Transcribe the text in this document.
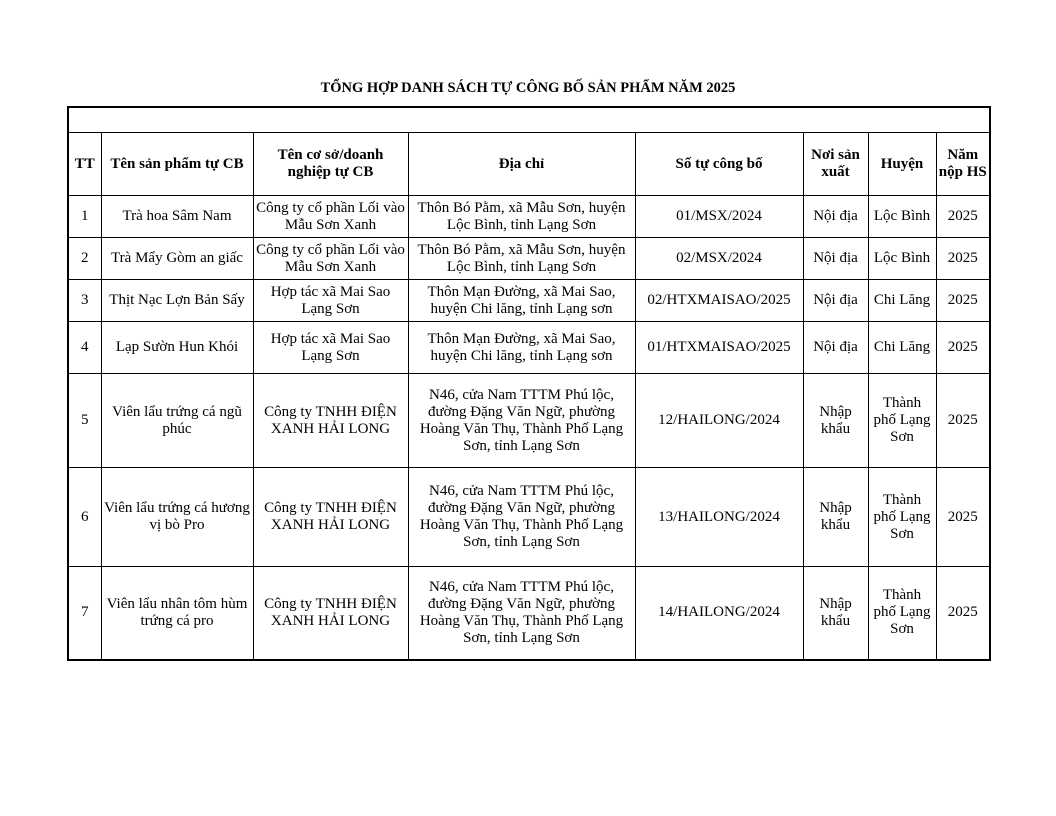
TỔNG HỢP DANH SÁCH TỰ CÔNG BỐ SẢN PHẨM NĂM 2025

TT	Tên sản phẩm tự CB	Tên cơ sở/doanh nghiệp tự CB	Địa chỉ	Số tự công bố	Nơi sản xuất	Huyện	Năm nộp HS
1	Trà hoa Sâm Nam	Công ty cổ phần Lối vào Mẫu Sơn Xanh	Thôn Bó Pằm, xã Mẫu Sơn, huyện Lộc Bình, tỉnh Lạng Sơn	01/MSX/2024	Nội địa	Lộc Bình	2025
2	Trà Mẩy Gòm an giấc	Công ty cổ phần Lối vào Mẫu Sơn Xanh	Thôn Bó Pằm, xã Mẫu Sơn, huyện Lộc Bình, tỉnh Lạng Sơn	02/MSX/2024	Nội địa	Lộc Bình	2025
3	Thịt Nạc Lợn Bản Sấy	Hợp tác xã Mai Sao Lạng Sơn	Thôn Mạn Đường, xã Mai Sao, huyện Chi lăng, tỉnh Lạng sơn	02/HTXMAISAO/2025	Nội địa	Chi Lăng	2025
4	Lạp Sườn Hun Khói	Hợp tác xã Mai Sao Lạng Sơn	Thôn Mạn Đường, xã Mai Sao, huyện Chi lăng, tỉnh Lạng sơn	01/HTXMAISAO/2025	Nội địa	Chi Lăng	2025
5	Viên lẩu trứng cá ngũ phúc	Công ty TNHH ĐIỆN XANH HẢI LONG	N46, cửa Nam TTTM Phú lộc, đường Đặng Văn Ngữ, phường Hoàng Văn Thụ, Thành Phố Lạng Sơn, tỉnh Lạng Sơn	12/HAILONG/2024	Nhập khẩu	Thành phố Lạng Sơn	2025
6	Viên lẩu trứng cá hương vị bò Pro	Công ty TNHH ĐIỆN XANH HẢI LONG	N46, cửa Nam TTTM Phú lộc, đường Đặng Văn Ngữ, phường Hoàng Văn Thụ, Thành Phố Lạng Sơn, tỉnh Lạng Sơn	13/HAILONG/2024	Nhập khẩu	Thành phố Lạng Sơn	2025
7	Viên lẩu nhân tôm hùm trứng cá pro	Công ty TNHH ĐIỆN XANH HẢI LONG	N46, cửa Nam TTTM Phú lộc, đường Đặng Văn Ngữ, phường Hoàng Văn Thụ, Thành Phố Lạng Sơn, tỉnh Lạng Sơn	14/HAILONG/2024	Nhập khẩu	Thành phố Lạng Sơn	2025
